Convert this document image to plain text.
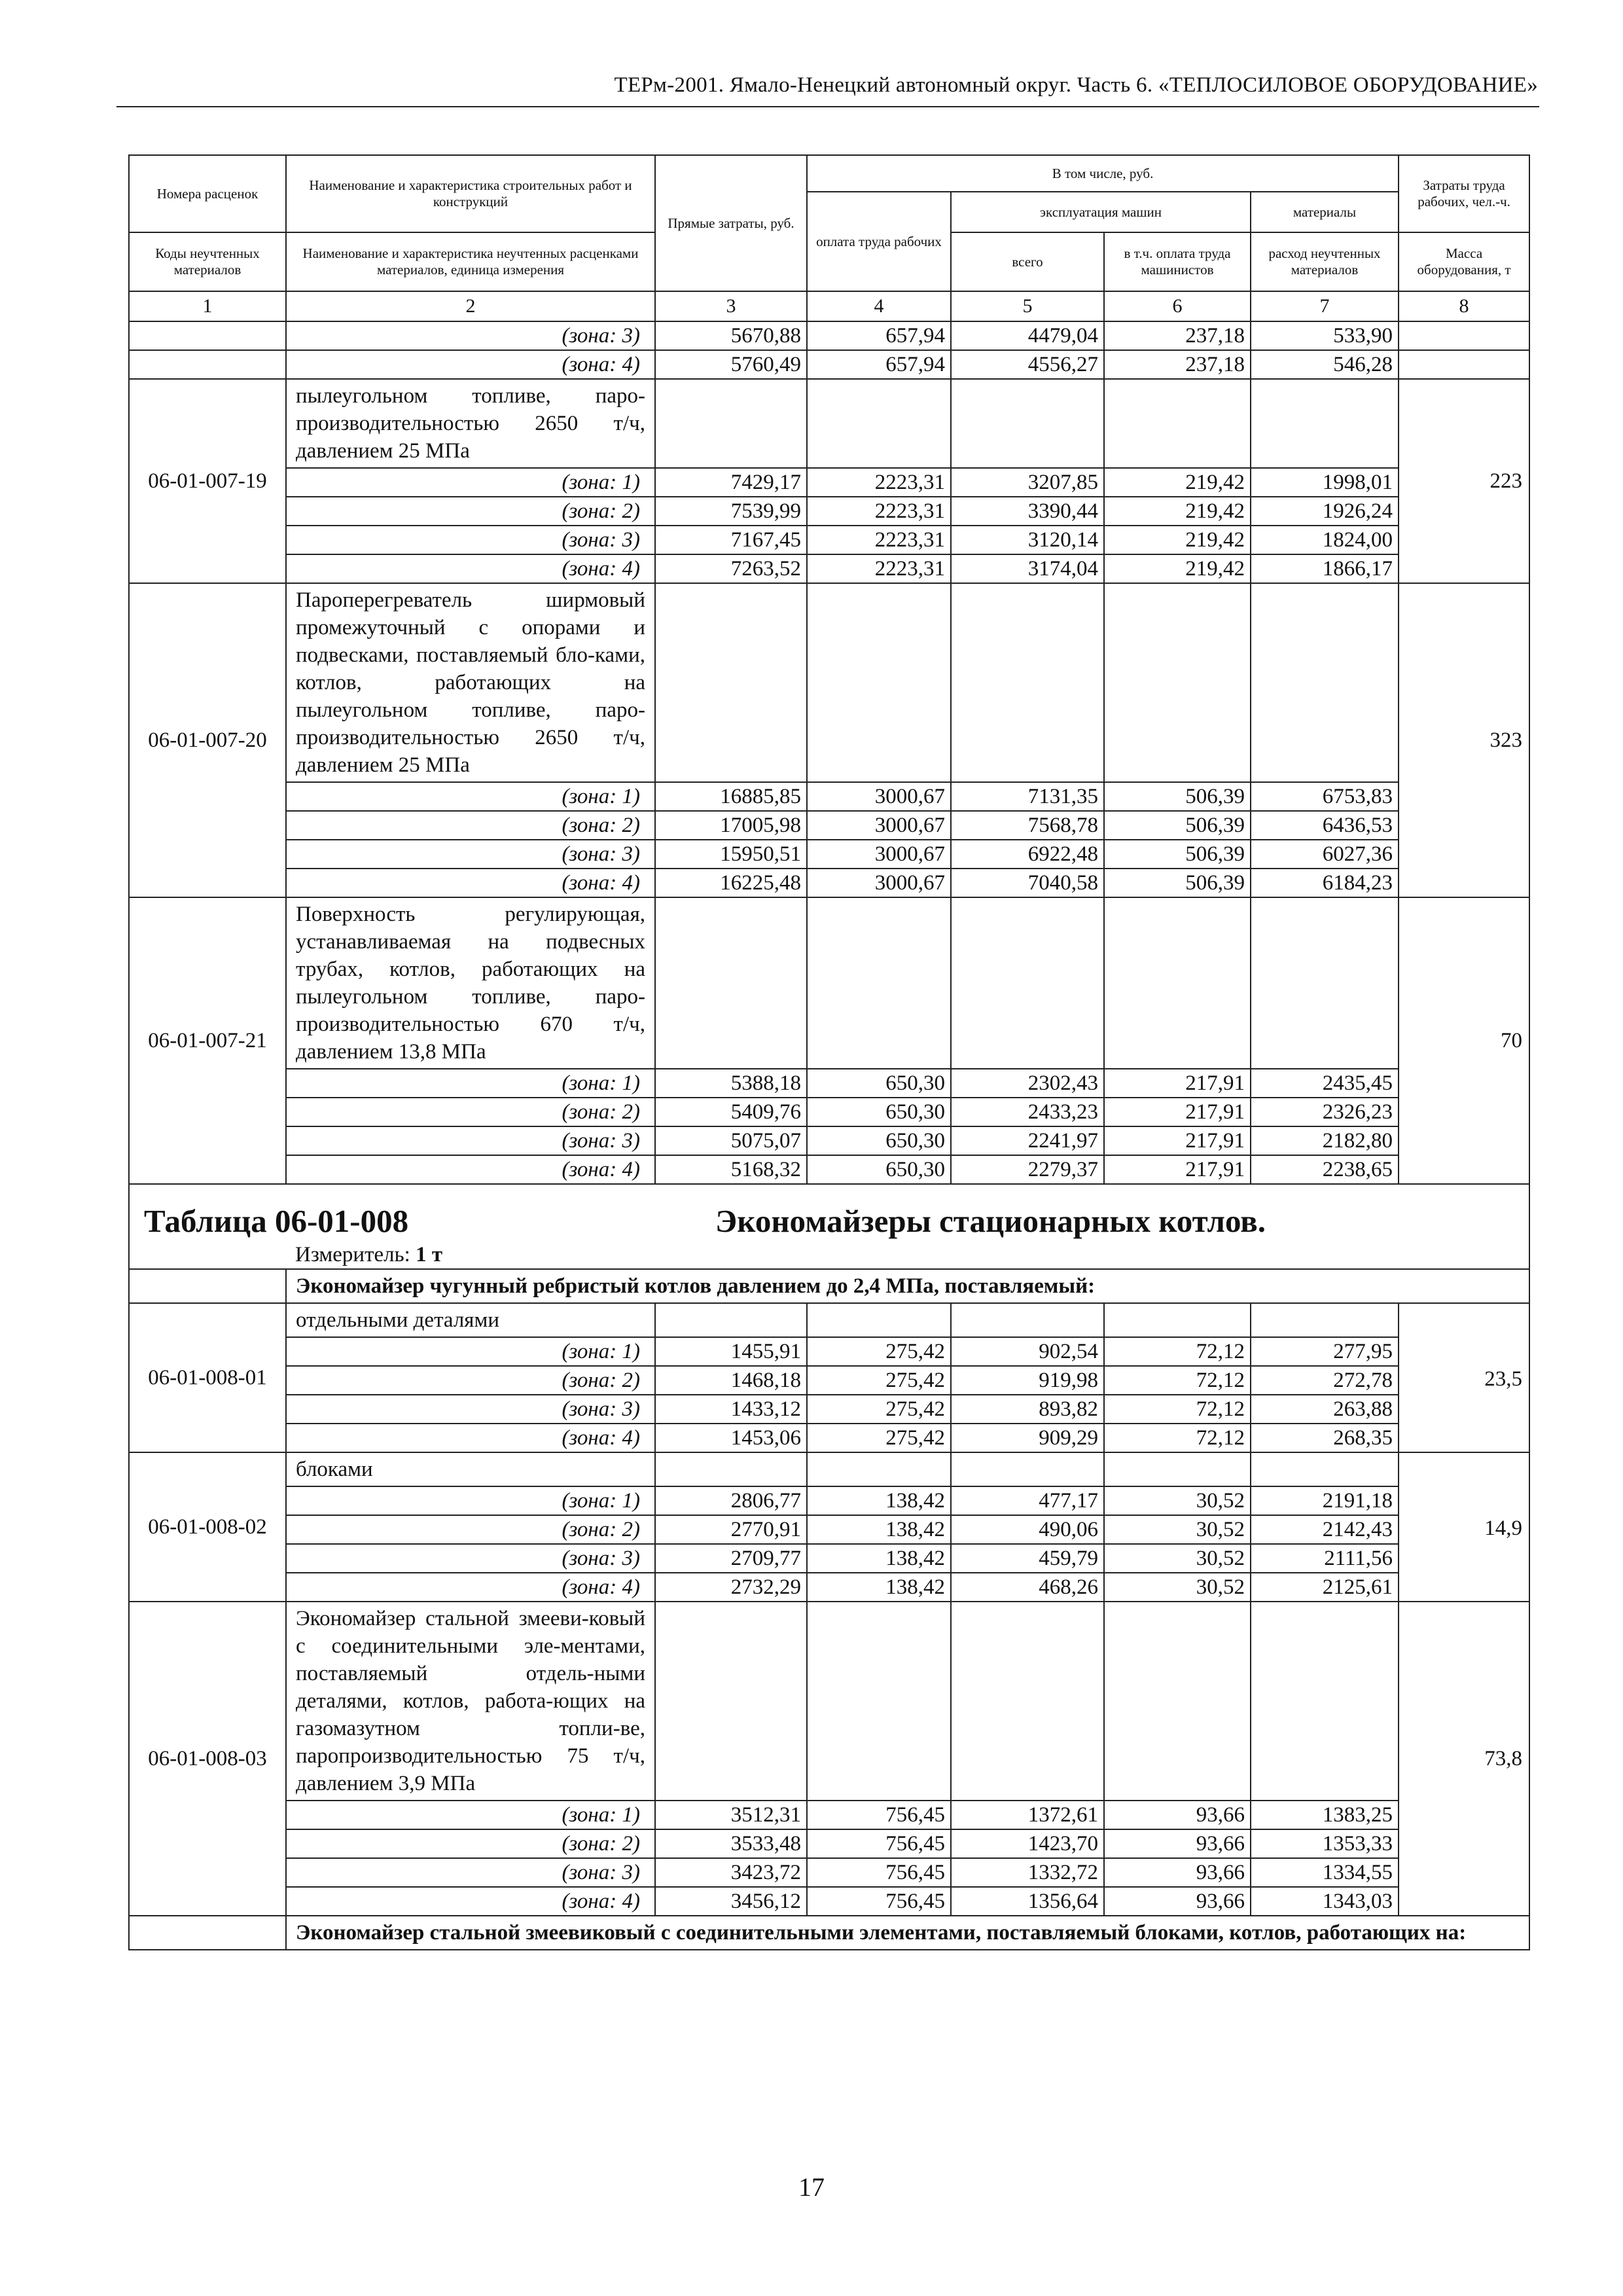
ТЕРм-2001. Ямало-Ненецкий автономный округ. Часть 6. «ТЕПЛОСИЛОВОЕ ОБОРУДОВАНИЕ»
Номера расценок	Наименование и характеристика строительных работ и конструкций	Прямые затраты, руб.	В том числе, руб.				Затраты труда рабочих, чел.-ч.
			оплата труда рабочих	эксплуатация машин		материалы	
Коды неучтенных материалов	Наименование и характеристика неучтенных расценками материалов, единица измерения			всего	в т.ч. оплата труда машинистов	расход неучтенных материалов	Масса оборудования, т
1	2	3	4	5	6	7	8
	(зона: 3)	5670,88	657,94	4479,04	237,18	533,90	
	(зона: 4)	5760,49	657,94	4556,27	237,18	546,28	
06-01-007-19	пылеугольном топливе, паро-производительностью 2650 т/ч, давлением 25 МПа						223
	(зона: 1)	7429,17	2223,31	3207,85	219,42	1998,01	
	(зона: 2)	7539,99	2223,31	3390,44	219,42	1926,24	
	(зона: 3)	7167,45	2223,31	3120,14	219,42	1824,00	
	(зона: 4)	7263,52	2223,31	3174,04	219,42	1866,17	
06-01-007-20	Пароперегреватель ширмовый промежуточный с опорами и подвесками, поставляемый бло-ками, котлов, работающих на пылеугольном топливе, паро-производительностью 2650 т/ч, давлением 25 МПа						323
	(зона: 1)	16885,85	3000,67	7131,35	506,39	6753,83	
	(зона: 2)	17005,98	3000,67	7568,78	506,39	6436,53	
	(зона: 3)	15950,51	3000,67	6922,48	506,39	6027,36	
	(зона: 4)	16225,48	3000,67	7040,58	506,39	6184,23	
06-01-007-21	Поверхность регулирующая, устанавливаемая на подвесных трубах, котлов, работающих на пылеугольном топливе, паро-производительностью 670 т/ч, давлением 13,8 МПа						70
	(зона: 1)	5388,18	650,30	2302,43	217,91	2435,45	
	(зона: 2)	5409,76	650,30	2433,23	217,91	2326,23	
	(зона: 3)	5075,07	650,30	2241,97	217,91	2182,80	
	(зона: 4)	5168,32	650,30	2279,37	217,91	2238,65	
Таблица 06-01-008			Экономайзеры стационарных котлов.				
	Измеритель: 1 т						
	Экономайзер чугунный ребристый котлов давлением до 2,4 МПа, поставляемый:						
06-01-008-01	отдельными деталями						23,5
	(зона: 1)	1455,91	275,42	902,54	72,12	277,95	
	(зона: 2)	1468,18	275,42	919,98	72,12	272,78	
	(зона: 3)	1433,12	275,42	893,82	72,12	263,88	
	(зона: 4)	1453,06	275,42	909,29	72,12	268,35	
06-01-008-02	блоками						14,9
	(зона: 1)	2806,77	138,42	477,17	30,52	2191,18	
	(зона: 2)	2770,91	138,42	490,06	30,52	2142,43	
	(зона: 3)	2709,77	138,42	459,79	30,52	2111,56	
	(зона: 4)	2732,29	138,42	468,26	30,52	2125,61	
06-01-008-03	Экономайзер стальной змееви-ковый с соединительными эле-ментами, поставляемый отдель-ными деталями, котлов, работа-ющих на газомазутном топли-ве, паропроизводительностью 75 т/ч, давлением 3,9 МПа						73,8
	(зона: 1)	3512,31	756,45	1372,61	93,66	1383,25	
	(зона: 2)	3533,48	756,45	1423,70	93,66	1353,33	
	(зона: 3)	3423,72	756,45	1332,72	93,66	1334,55	
	(зона: 4)	3456,12	756,45	1356,64	93,66	1343,03	
	Экономайзер стальной змеевиковый с соединительными элементами, поставляемый блоками, котлов, работающих на:						
17
